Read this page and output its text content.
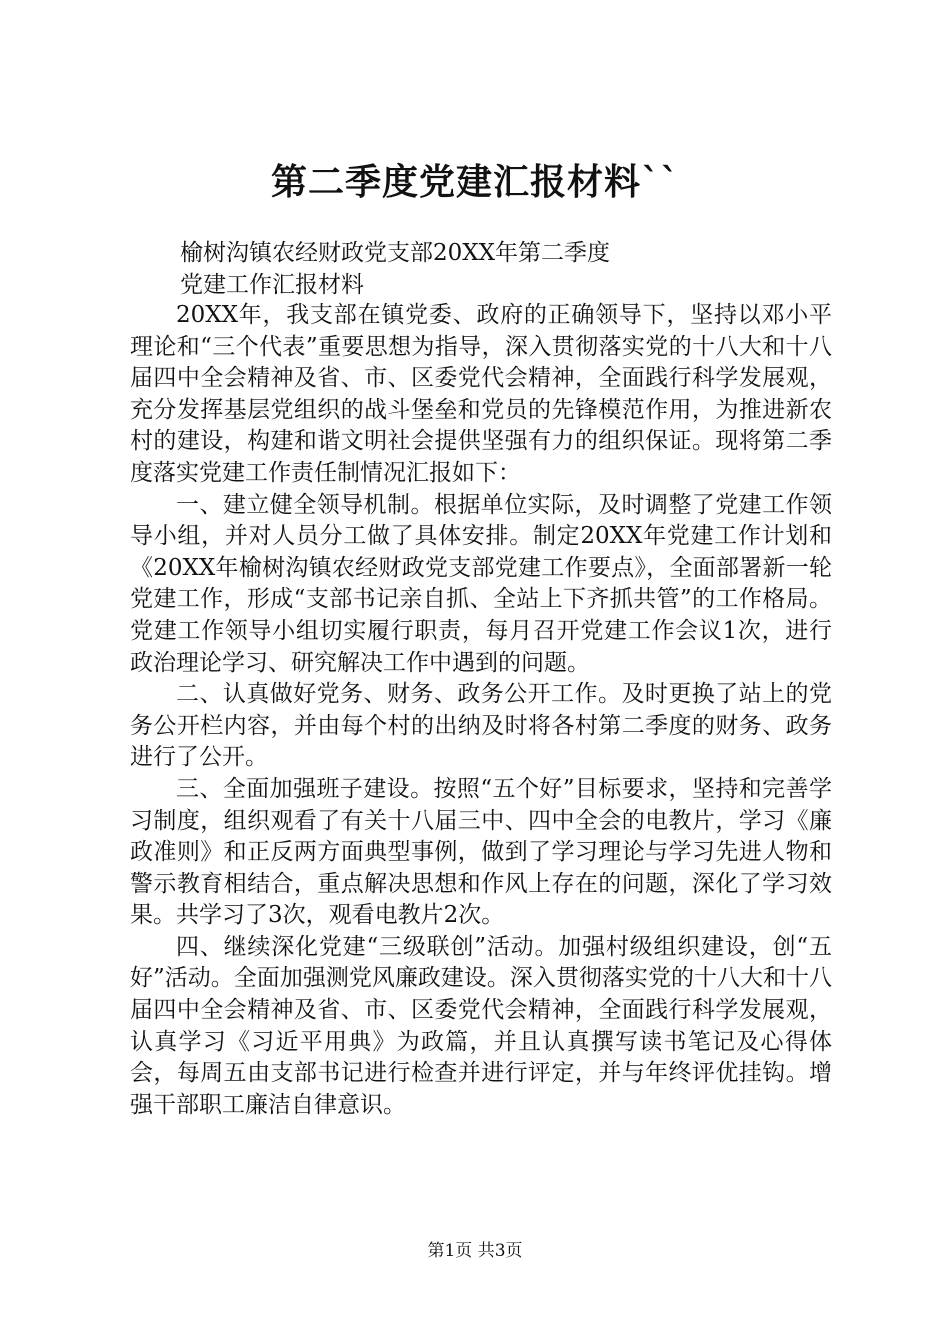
第二季度党建汇报材料``

榆树沟镇农经财政党支部20XX年第二季度

党建工作汇报材料

20XX年，我支部在镇党委、政府的正确领导下，坚持以邓小平理论和“三个代表”重要思想为指导，深入贯彻落实党的十八大和十八届四中全会精神及省、市、区委党代会精神，全面践行科学发展观，充分发挥基层党组织的战斗堡垒和党员的先锋模范作用，为推进新农村的建设，构建和谐文明社会提供坚强有力的组织保证。现将第二季度落实党建工作责任制情况汇报如下：

一、建立健全领导机制。根据单位实际，及时调整了党建工作领导小组，并对人员分工做了具体安排。制定20XX年党建工作计划和《20XX年榆树沟镇农经财政党支部党建工作要点》，全面部署新一轮党建工作，形成“支部书记亲自抓、全站上下齐抓共管”的工作格局。党建工作领导小组切实履行职责，每月召开党建工作会议1次，进行政治理论学习、研究解决工作中遇到的问题。

二、认真做好党务、财务、政务公开工作。及时更换了站上的党务公开栏内容，并由每个村的出纳及时将各村第二季度的财务、政务进行了公开。

三、全面加强班子建设。按照“五个好”目标要求，坚持和完善学习制度，组织观看了有关十八届三中、四中全会的电教片，学习《廉政准则》和正反两方面典型事例，做到了学习理论与学习先进人物和警示教育相结合，重点解决思想和作风上存在的问题，深化了学习效果。共学习了3次，观看电教片2次。

四、继续深化党建“三级联创”活动。加强村级组织建设，创“五好”活动。全面加强测党风廉政建设。深入贯彻落实党的十八大和十八届四中全会精神及省、市、区委党代会精神，全面践行科学发展观，认真学习《习近平用典》为政篇，并且认真撰写读书笔记及心得体会，每周五由支部书记进行检查并进行评定，并与年终评优挂钩。增强干部职工廉洁自律意识。

第1页 共3页
